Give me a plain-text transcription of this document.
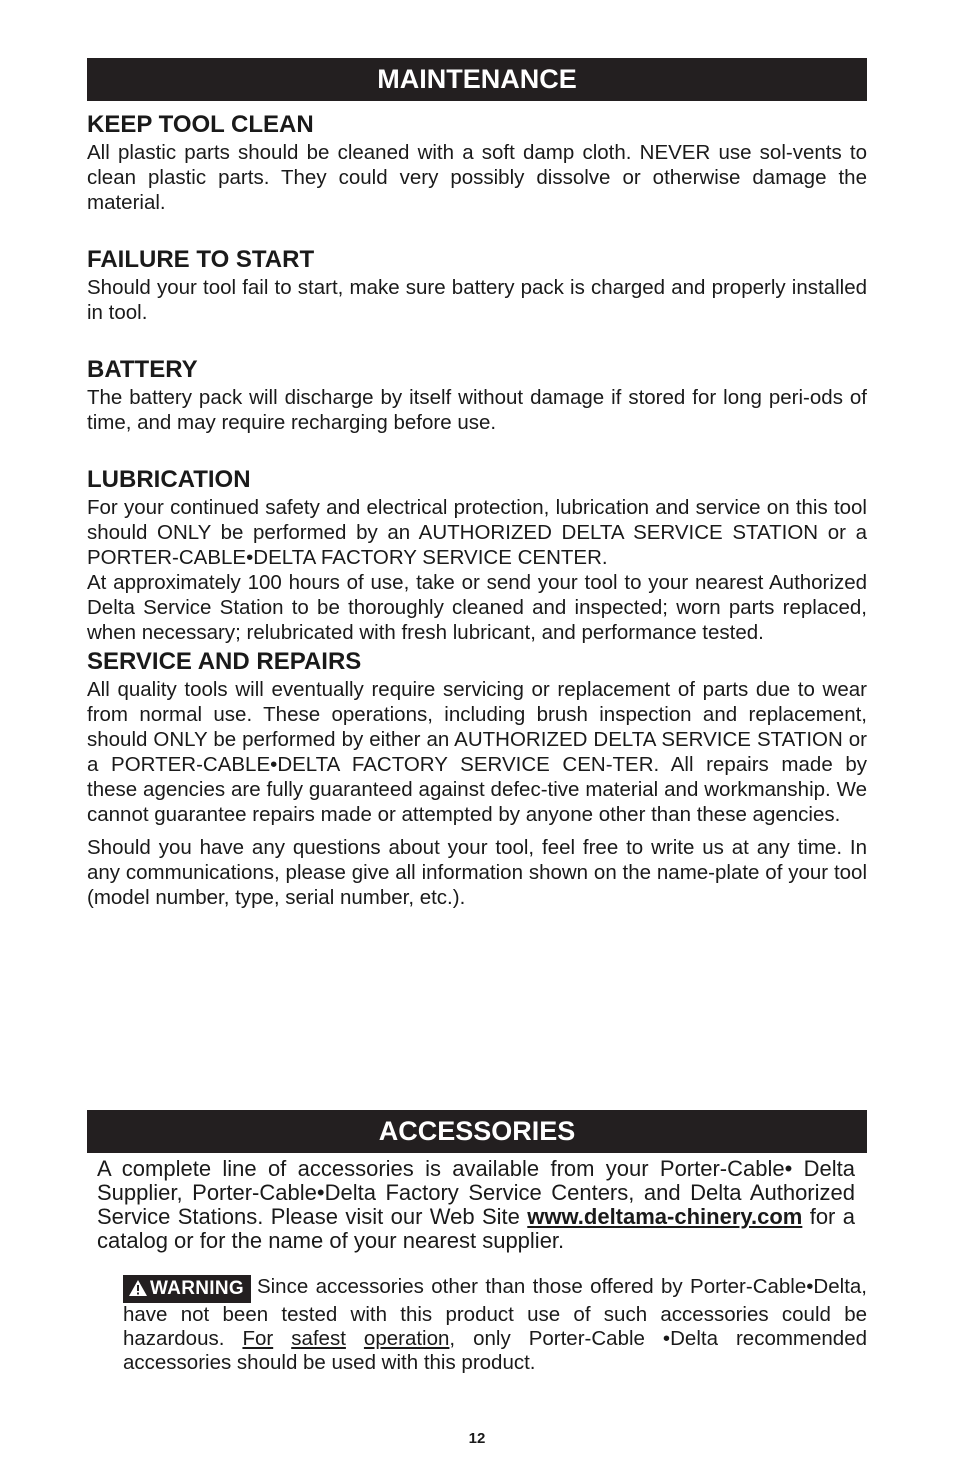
MAINTENANCE
KEEP TOOL CLEAN

All plastic parts should be cleaned with a soft damp cloth. NEVER use sol-vents to clean plastic parts. They could very possibly dissolve or otherwise damage the material.

FAILURE TO START

Should your tool fail to start, make sure battery pack is charged and properly installed in tool.

BATTERY

The battery pack will discharge by itself without damage if stored for long peri-ods of time, and may require recharging before use.

LUBRICATION

For your continued safety and electrical protection, lubrication and service on this tool should ONLY be performed by an AUTHORIZED DELTA SERVICE STATION or a PORTER-CABLE•DELTA FACTORY SERVICE CENTER.

At approximately 100 hours of use, take or send your tool to your nearest Authorized Delta Service Station to be thoroughly cleaned and inspected; worn parts replaced, when necessary; relubricated with fresh lubricant, and performance tested.

SERVICE AND REPAIRS

All quality tools will eventually require servicing or replacement of parts due to wear from normal use. These operations, including brush inspection and replacement, should ONLY be performed by either an AUTHORIZED DELTA SERVICE STATION or a PORTER-CABLE•DELTA FACTORY SERVICE CEN-TER. All repairs made by these agencies are fully guaranteed against defec-tive material and workmanship. We cannot guarantee repairs made or attempted by anyone other than these agencies.

Should you have any questions about your tool, feel free to write us at any time. In any communications, please give all information shown on the name-plate of your tool (model number, type, serial number, etc.).

ACCESSORIES

A complete line of accessories is available from your Porter-Cable• Delta Supplier, Porter-Cable•Delta Factory Service Centers, and Delta Authorized Service Stations. Please visit our Web Site www.deltama-chinery.com for a catalog or for the name of your nearest supplier.

WARNING Since accessories other than those offered by Porter-Cable•Delta, have not been tested with this product use of such accessories could be hazardous. For safest operation, only Porter-Cable •Delta recommended accessories should be used with this product.
12
